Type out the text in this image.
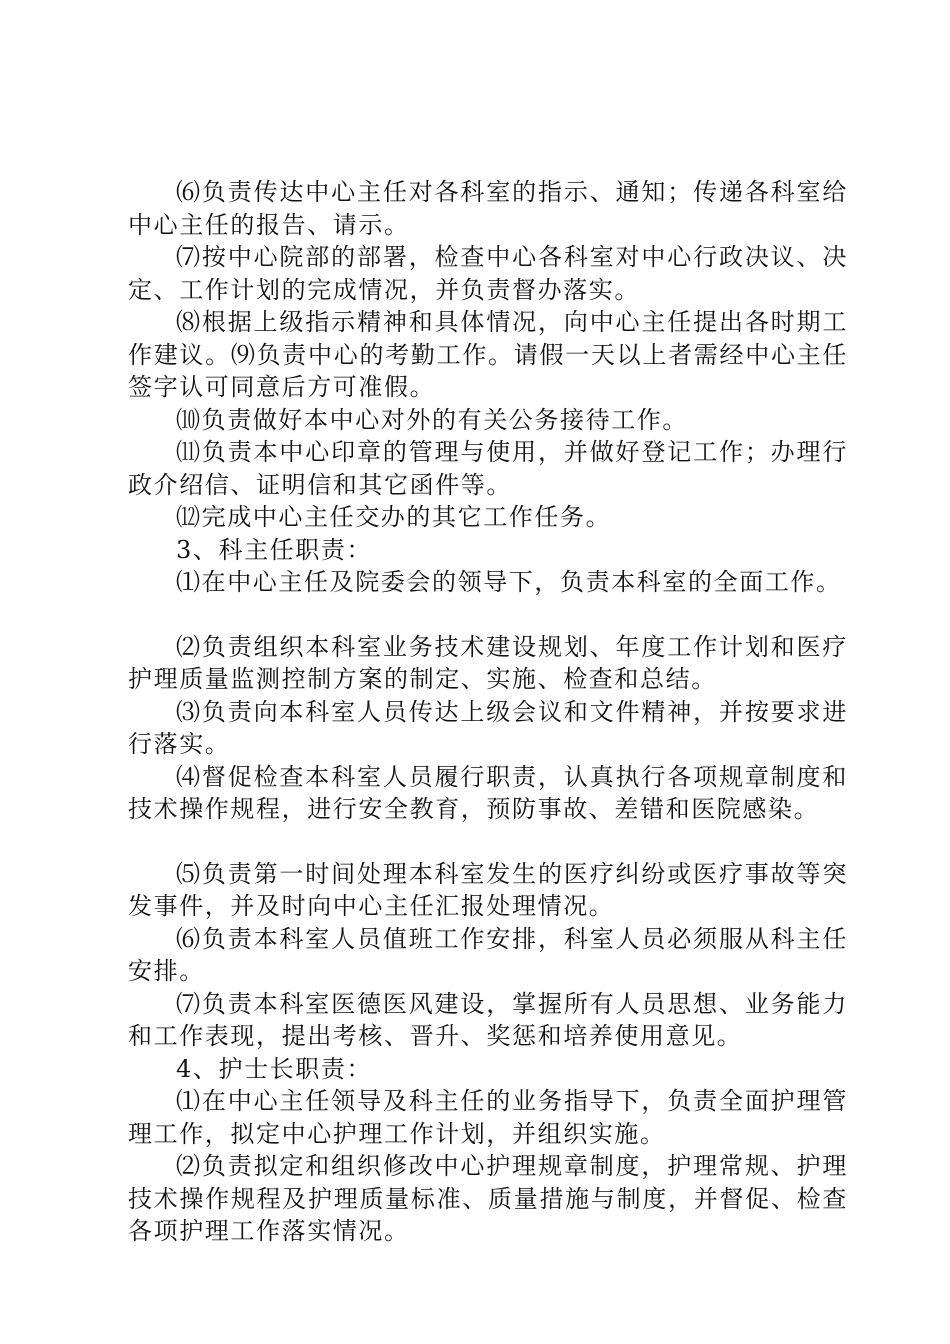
⑹负责传达中心主任对各科室的指示、通知；传递各科室给中心主任的报告、请示。

⑺按中心院部的部署，检查中心各科室对中心行政决议、决定、工作计划的完成情况，并负责督办落实。

⑻根据上级指示精神和具体情况，向中心主任提出各时期工作建议。⑼负责中心的考勤工作。请假一天以上者需经中心主任签字认可同意后方可准假。

⑽负责做好本中心对外的有关公务接待工作。

⑾负责本中心印章的管理与使用，并做好登记工作；办理行政介绍信、证明信和其它函件等。

⑿完成中心主任交办的其它工作任务。

3、科主任职责：

⑴在中心主任及院委会的领导下，负责本科室的全面工作。

⑵负责组织本科室业务技术建设规划、年度工作计划和医疗护理质量监测控制方案的制定、实施、检查和总结。

⑶负责向本科室人员传达上级会议和文件精神，并按要求进行落实。

⑷督促检查本科室人员履行职责，认真执行各项规章制度和技术操作规程，进行安全教育，预防事故、差错和医院感染。

⑸负责第一时间处理本科室发生的医疗纠纷或医疗事故等突发事件，并及时向中心主任汇报处理情况。

⑹负责本科室人员值班工作安排，科室人员必须服从科主任安排。

⑺负责本科室医德医风建设，掌握所有人员思想、业务能力和工作表现，提出考核、晋升、奖惩和培养使用意见。

4、护士长职责：

⑴在中心主任领导及科主任的业务指导下，负责全面护理管理工作，拟定中心护理工作计划，并组织实施。

⑵负责拟定和组织修改中心护理规章制度，护理常规、护理技术操作规程及护理质量标准、质量措施与制度，并督促、检查各项护理工作落实情况。
